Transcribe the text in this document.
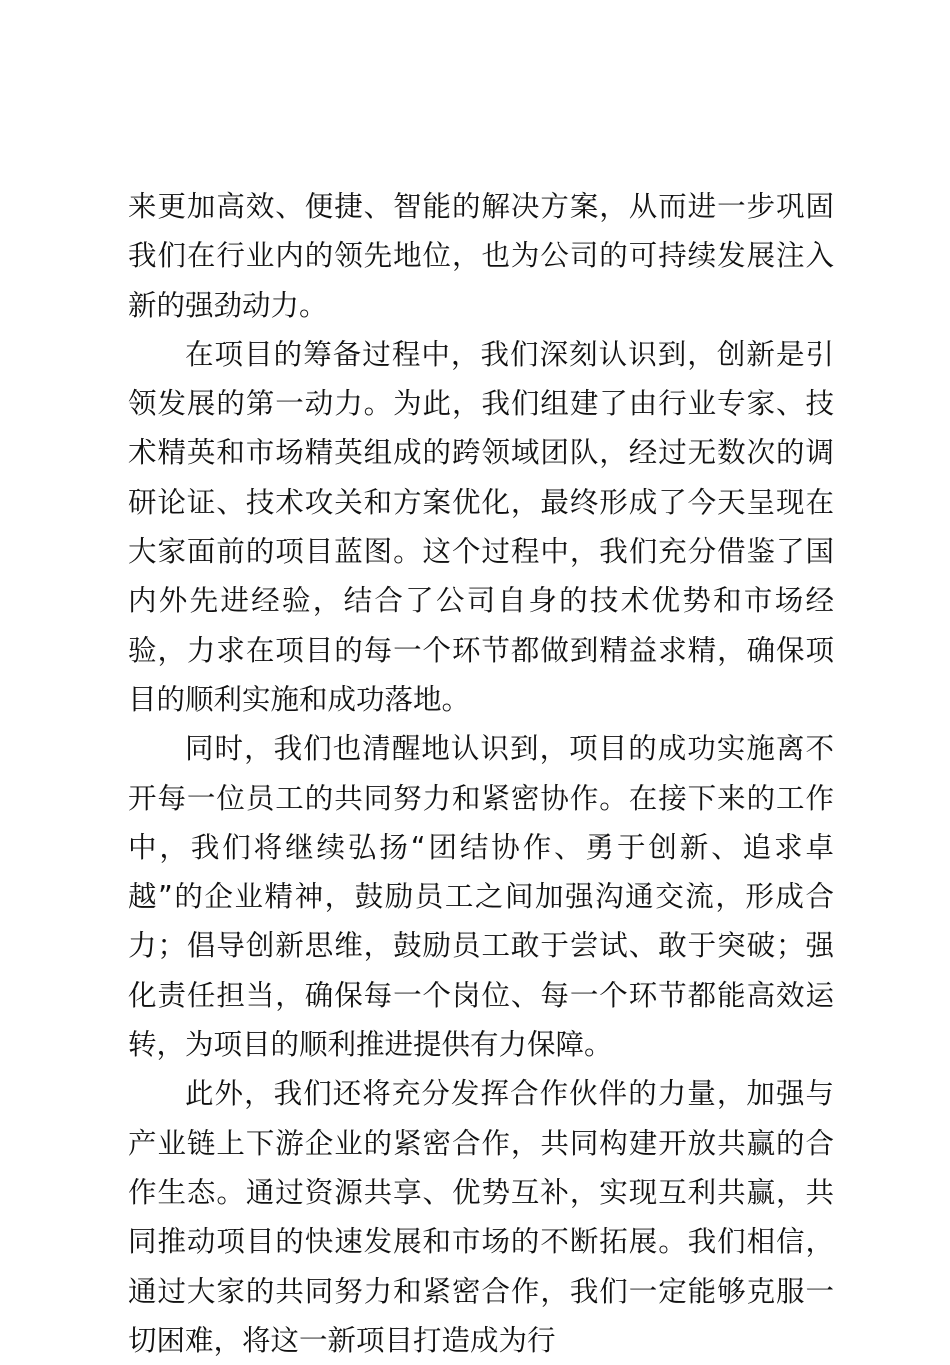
来更加高效、便捷、智能的解决方案，从而进一步巩固我们在行业内的领先地位，也为公司的可持续发展注入新的强劲动力。

在项目的筹备过程中，我们深刻认识到，创新是引领发展的第一动力。为此，我们组建了由行业专家、技术精英和市场精英组成的跨领域团队，经过无数次的调研论证、技术攻关和方案优化，最终形成了今天呈现在大家面前的项目蓝图。这个过程中，我们充分借鉴了国内外先进经验，结合了公司自身的技术优势和市场经验，力求在项目的每一个环节都做到精益求精，确保项目的顺利实施和成功落地。

同时，我们也清醒地认识到，项目的成功实施离不开每一位员工的共同努力和紧密协作。在接下来的工作中，我们将继续弘扬“团结协作、勇于创新、追求卓越”的企业精神，鼓励员工之间加强沟通交流，形成合力；倡导创新思维，鼓励员工敢于尝试、敢于突破；强化责任担当，确保每一个岗位、每一个环节都能高效运转，为项目的顺利推进提供有力保障。

此外，我们还将充分发挥合作伙伴的力量，加强与产业链上下游企业的紧密合作，共同构建开放共赢的合作生态。通过资源共享、优势互补，实现互利共赢，共同推动项目的快速发展和市场的不断拓展。我们相信，通过大家的共同努力和紧密合作，我们一定能够克服一切困难，将这一新项目打造成为行
